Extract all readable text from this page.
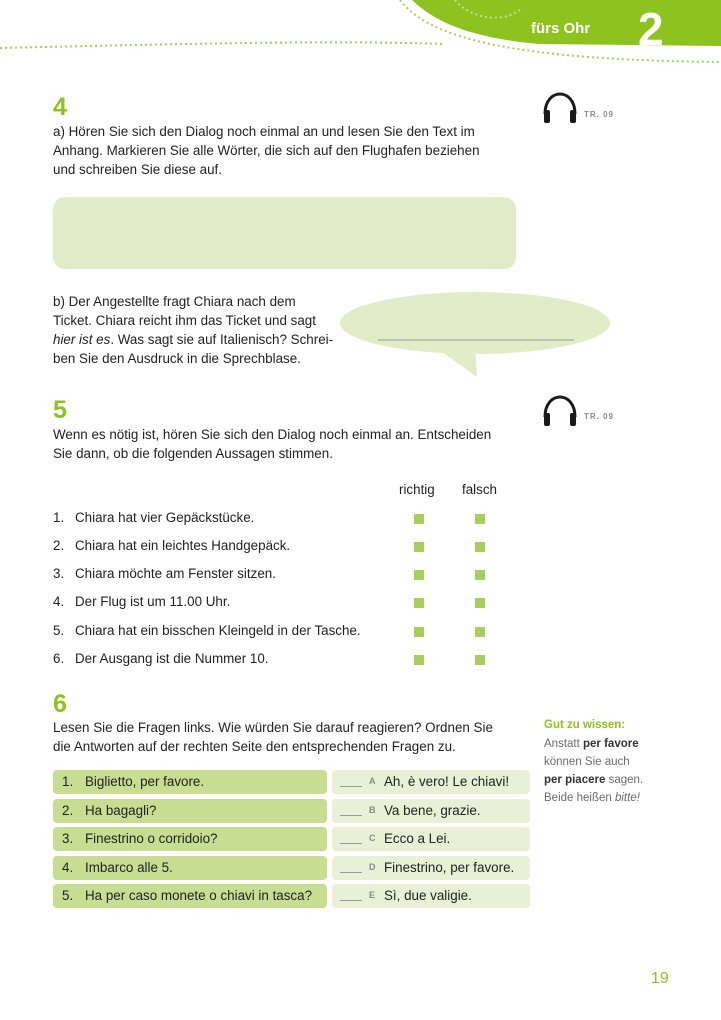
fürs Ohr 2
4
a) Hören Sie sich den Dialog noch einmal an und lesen Sie den Text im
Anhang. Markieren Sie alle Wörter, die sich auf den Flughafen beziehen
und schreiben Sie diese auf.
TR. 09
b) Der Angestellte fragt Chiara nach dem
Ticket. Chiara reicht ihm das Ticket und sagt
hier ist es. Was sagt sie auf Italienisch? Schrei-
ben Sie den Ausdruck in die Sprechblase.
5
Wenn es nötig ist, hören Sie sich den Dialog noch einmal an. Entscheiden
Sie dann, ob die folgenden Aussagen stimmen.
TR. 09
richtig falsch
1. Chiara hat vier Gepäckstücke.
2. Chiara hat ein leichtes Handgepäck.
3. Chiara möchte am Fenster sitzen.
4. Der Flug ist um 11.00 Uhr.
5. Chiara hat ein bisschen Kleingeld in der Tasche.
6. Der Ausgang ist die Nummer 10.
6
Lesen Sie die Fragen links. Wie würden Sie darauf reagieren? Ordnen Sie
die Antworten auf der rechten Seite den entsprechenden Fragen zu.
1. Biglietto, per favore.	A Ah, è vero! Le chiavi!
2. Ha bagagli?	B Va bene, grazie.
3. Finestrino o corridoio?	C Ecco a Lei.
4. Imbarco alle 5.	D Finestrino, per favore.
5. Ha per caso monete o chiavi in tasca?	E Sì, due valigie.
Gut zu wissen:
Anstatt per favore
können Sie auch
per piacere sagen.
Beide heißen bitte!
19
